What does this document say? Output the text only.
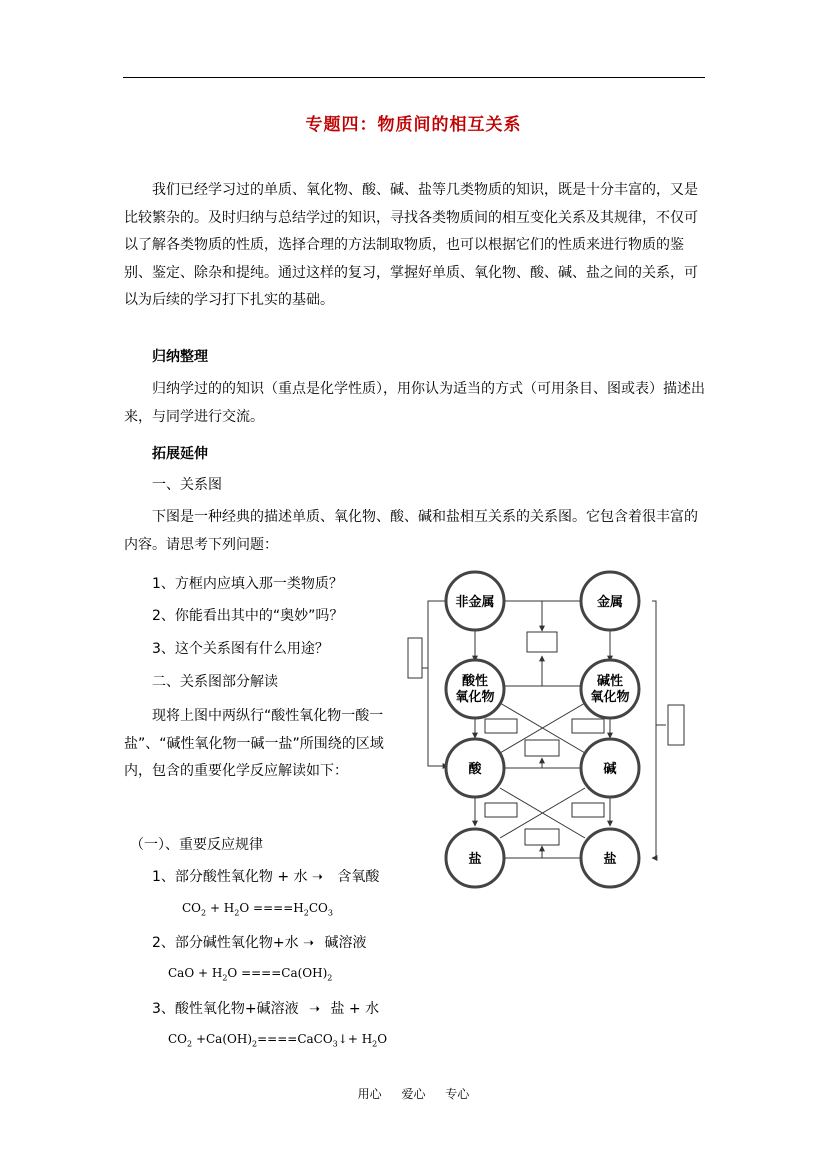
专题四：物质间的相互关系
我们已经学习过的单质、氧化物、酸、碱、盐等几类物质的知识，既是十分丰富的，又是比较繁杂的。及时归纳与总结学过的知识，寻找各类物质间的相互变化关系及其规律，不仅可以了解各类物质的性质，选择合理的方法制取物质，也可以根据它们的性质来进行物质的鉴别、鉴定、除杂和提纯。通过这样的复习，掌握好单质、氧化物、酸、碱、盐之间的关系，可以为后续的学习打下扎实的基础。
归纳整理
归纳学过的的知识（重点是化学性质），用你认为适当的方式（可用条目、图或表）描述出来，与同学进行交流。
拓展延伸
一、关系图
下图是一种经典的描述单质、氧化物、酸、碱和盐相互关系的关系图。它包含着很丰富的内容。请思考下列问题：
1、方框内应填入那一类物质？
2、你能看出其中的“奥妙”吗？
3、这个关系图有什么用途？
二、关系图部分解读
现将上图中两纵行“酸性氧化物一酸一盐”、“碱性氧化物一碱一盐”所围绕的区域内，包含的重要化学反应解读如下：
（一）、重要反应规律
1、部分酸性氧化物 + 水 ➝ 含氧酸
$CO_2 + H_2O ====H_2CO_3$
2、部分碱性氧化物+水 ➝ 碱溶液
CaO + $H_2O ====Ca(OH)_2$
3、酸性氧化物+碱溶液 ➝ 盐 + 水
$CO_2$ $+Ca(OH)_2====CaCO_3↓+ H_2O$
非金属	金属
酸性
氧化物
碱性
氧化物
酸	碱
盐	盐
用心 爱心 专心
